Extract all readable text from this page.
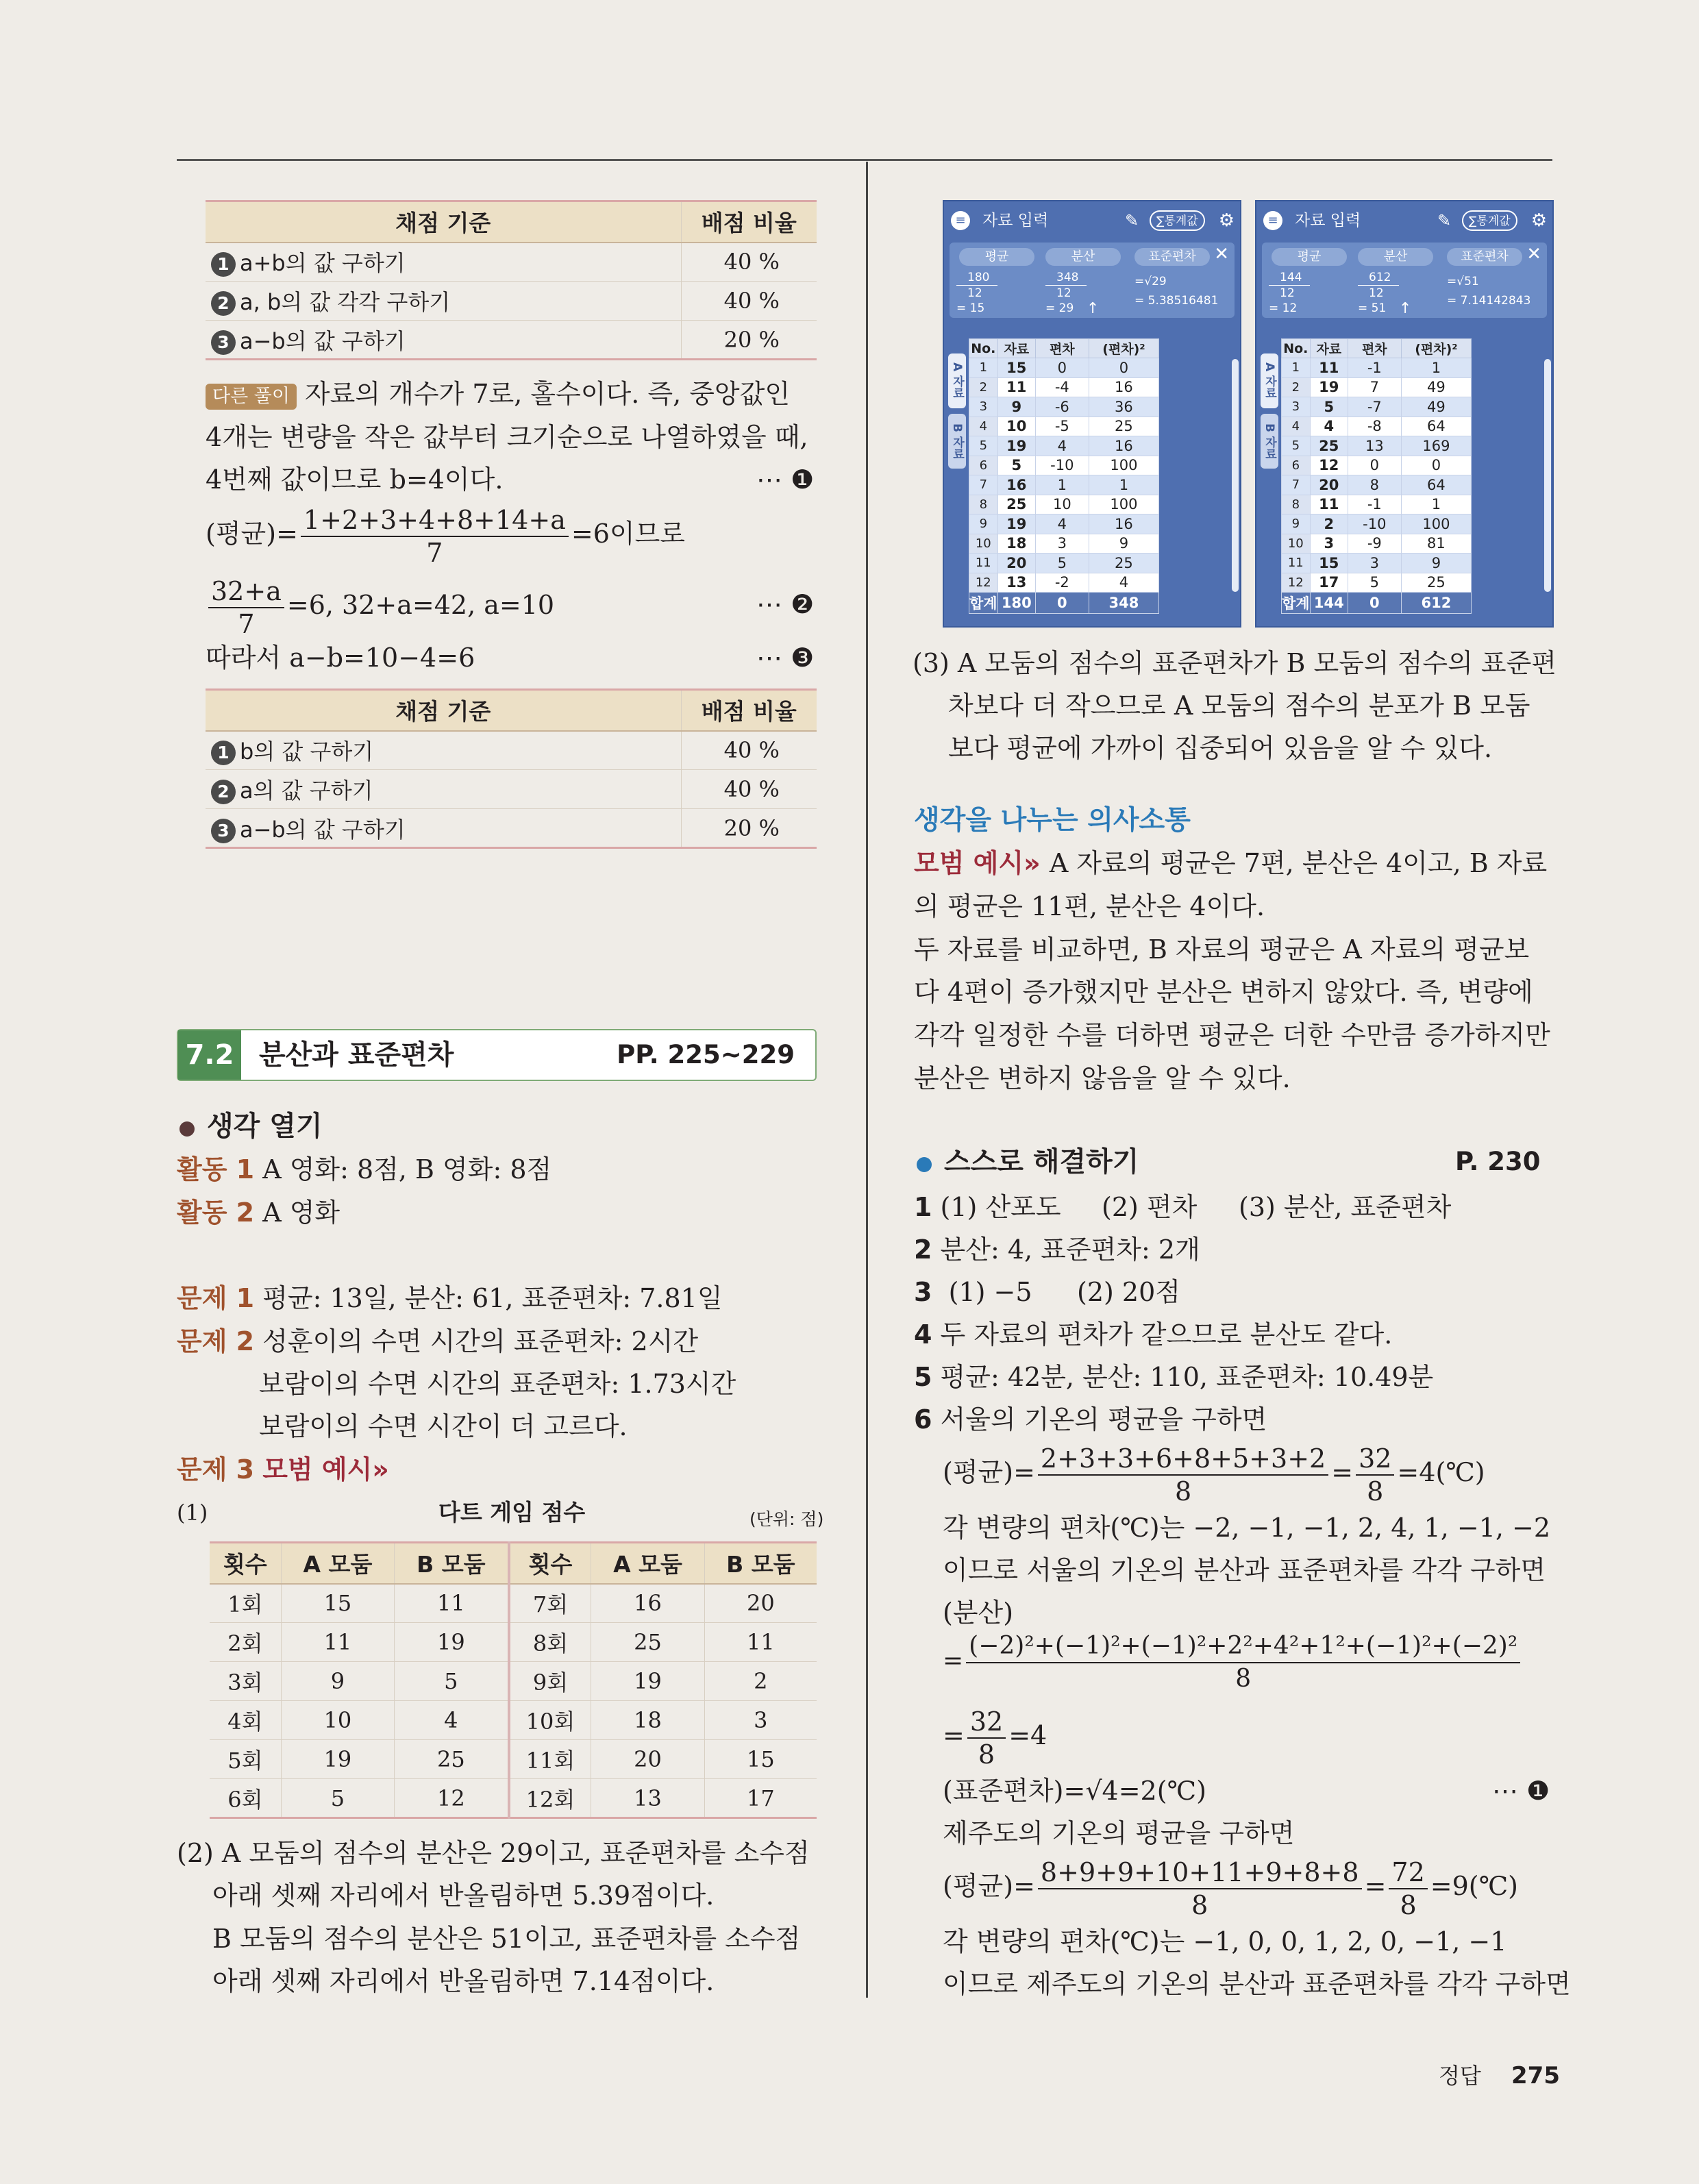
채점 기준	배점 비율
1 a+b의 값 구하기	40 %
2 a, b의 값 각각 구하기	40 %
3 a−b의 값 구하기	20 %
다른 풀이 자료의 개수가 7로, 홀수이다. 즉, 중앙값인
4개는 변량을 작은 값부터 크기순으로 나열하였을 때,
4번째 값이므로 b=4이다.	⋯ ❶
(평균)= $\frac{1+2+3+4+8+14+a}{7} =6$이므로
$\frac{32+a}{7} =6$, 32+a=42, a=10	⋯ ❷
따라서 a−b=10−4=6	⋯ ❸
채점 기준	배점 비율
1 b의 값 구하기	40 %
2 a의 값 구하기	40 %
3 a−b의 값 구하기	20 %
7.2 분산과 표준편차	PP. 225~229
생각 열기
활동 1 A 영화: 8점, B 영화: 8점
활동 2 A 영화
문제 1 평균: 13일, 분산: 61, 표준편차: 7.81일
문제 2 성훈이의 수면 시간의 표준편차: 2시간
보람이의 수면 시간의 표준편차: 1.73시간
보람이의 수면 시간이 더 고르다.
문제 3 모범 예시»
(1)	다트 게임 점수	(단위: 점)
횟수	A 모둠	B 모둠	횟수	A 모둠	B 모둠
1회	15	11	7회	16	20
2회	11	19	8회	25	11
3회	9	5	9회	19	2
4회	10	4	10회	18	3
5회	19	25	11회	20	15
6회	5	12	12회	13	17
(2) A 모둠의 점수의 분산은 29이고, 표준편차를 소수점
아래 셋째 자리에서 반올림하면 5.39점이다.
B 모둠의 점수의 분산은 51이고, 표준편차를 소수점
아래 셋째 자리에서 반올림하면 7.14점이다.
≡ 자료 입력	✎	∑통계값	⚙
평균	분산	표준편차	✕
180
12
= 15
348
12
= 29
=√29
= 5.38516481
↑
A 자료
B 자료
No.	자료	편차	(편차)²
1	15	0	0
2	11	-4	16
3	9	-6	36
4	10	-5	25
5	19	4	16
6	5	-10	100
7	16	1	1
8	25	10	100
9	19	4	16
10	18	3	9
11	20	5	25
12	13	-2	4
합계	180	0	348
≡ 자료 입력	✎	∑통계값	⚙
평균	분산	표준편차	✕
144
12
= 12
612
12
= 51
=√51
= 7.14142843
↑
A 자료
B 자료
No.	자료	편차	(편차)²
1	11	-1	1
2	19	7	49
3	5	-7	49
4	4	-8	64
5	25	13	169
6	12	0	0
7	20	8	64
8	11	-1	1
9	2	-10	100
10	3	-9	81
11	15	3	9
12	17	5	25
합계	144	0	612
(3) A 모둠의 점수의 표준편차가 B 모둠의 점수의 표준편
차보다 더 작으므로 A 모둠의 점수의 분포가 B 모둠
보다 평균에 가까이 집중되어 있음을 알 수 있다.
생각을 나누는 의사소통
모범 예시» A 자료의 평균은 7편, 분산은 4이고, B 자료
의 평균은 11편, 분산은 4이다.
두 자료를 비교하면, B 자료의 평균은 A 자료의 평균보
다 4편이 증가했지만 분산은 변하지 않았다. 즉, 변량에
각각 일정한 수를 더하면 평균은 더한 수만큼 증가하지만
분산은 변하지 않음을 알 수 있다.
스스로 해결하기	P. 230
1 (1) 산포도 (2) 편차 (3) 분산, 표준편차
2 분산: 4, 표준편차: 2개
3 (1) −5 (2) 20점
4 두 자료의 편차가 같으므로 분산도 같다.
5 평균: 42분, 분산: 110, 표준편차: 10.49분
6 서울의 기온의 평균을 구하면
(평균)= $\frac{2+3+3+6+8+5+3+2}{8} = \frac{32}{8}$ =4(℃)
각 변량의 편차(℃)는 −2, −1, −1, 2, 4, 1, −1, −2
이므로 서울의 기온의 분산과 표준편차를 각각 구하면
(분산)
= $\frac{\text{(−2)²+(−1)²+(−1)²+2²+4²+1²+(−1)²+(−2)²}}{8}$
= $\frac{32}{8} =4$
(표준편차)=√4=2(℃)	⋯ ❶
제주도의 기온의 평균을 구하면
(평균)= $\frac{8+9+9+10+11+9+8+8}{8} = \frac{72}{8}$ =9(℃)
각 변량의 편차(℃)는 −1, 0, 0, 1, 2, 0, −1, −1
이므로 제주도의 기온의 분산과 표준편차를 각각 구하면
정답 275
